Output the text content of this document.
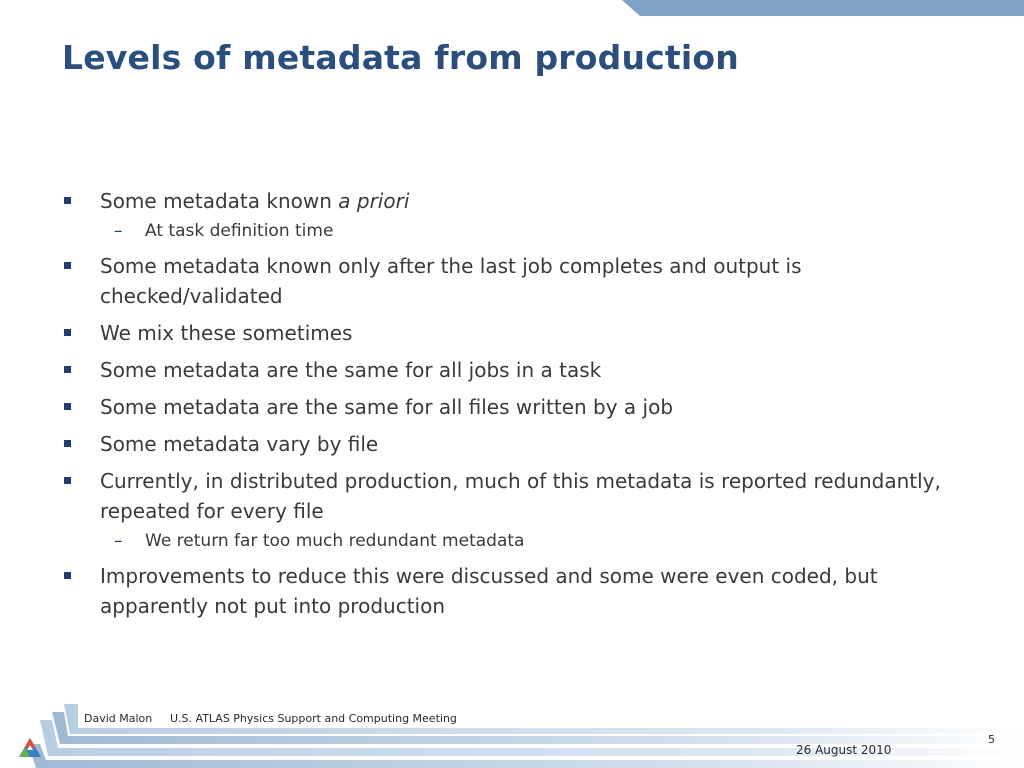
Levels of metadata from production
Some metadata known a priori
– At task definition time
Some metadata known only after the last job completes and output is checked/validated
We mix these sometimes
Some metadata are the same for all jobs in a task
Some metadata are the same for all files written by a job
Some metadata vary by file
Currently, in distributed production, much of this metadata is reported redundantly, repeated for every file
– We return far too much redundant metadata
Improvements to reduce this were discussed and some were even coded, but apparently not put into production
David Malon U.S. ATLAS Physics Support and Computing Meeting
5
26 August 2010
